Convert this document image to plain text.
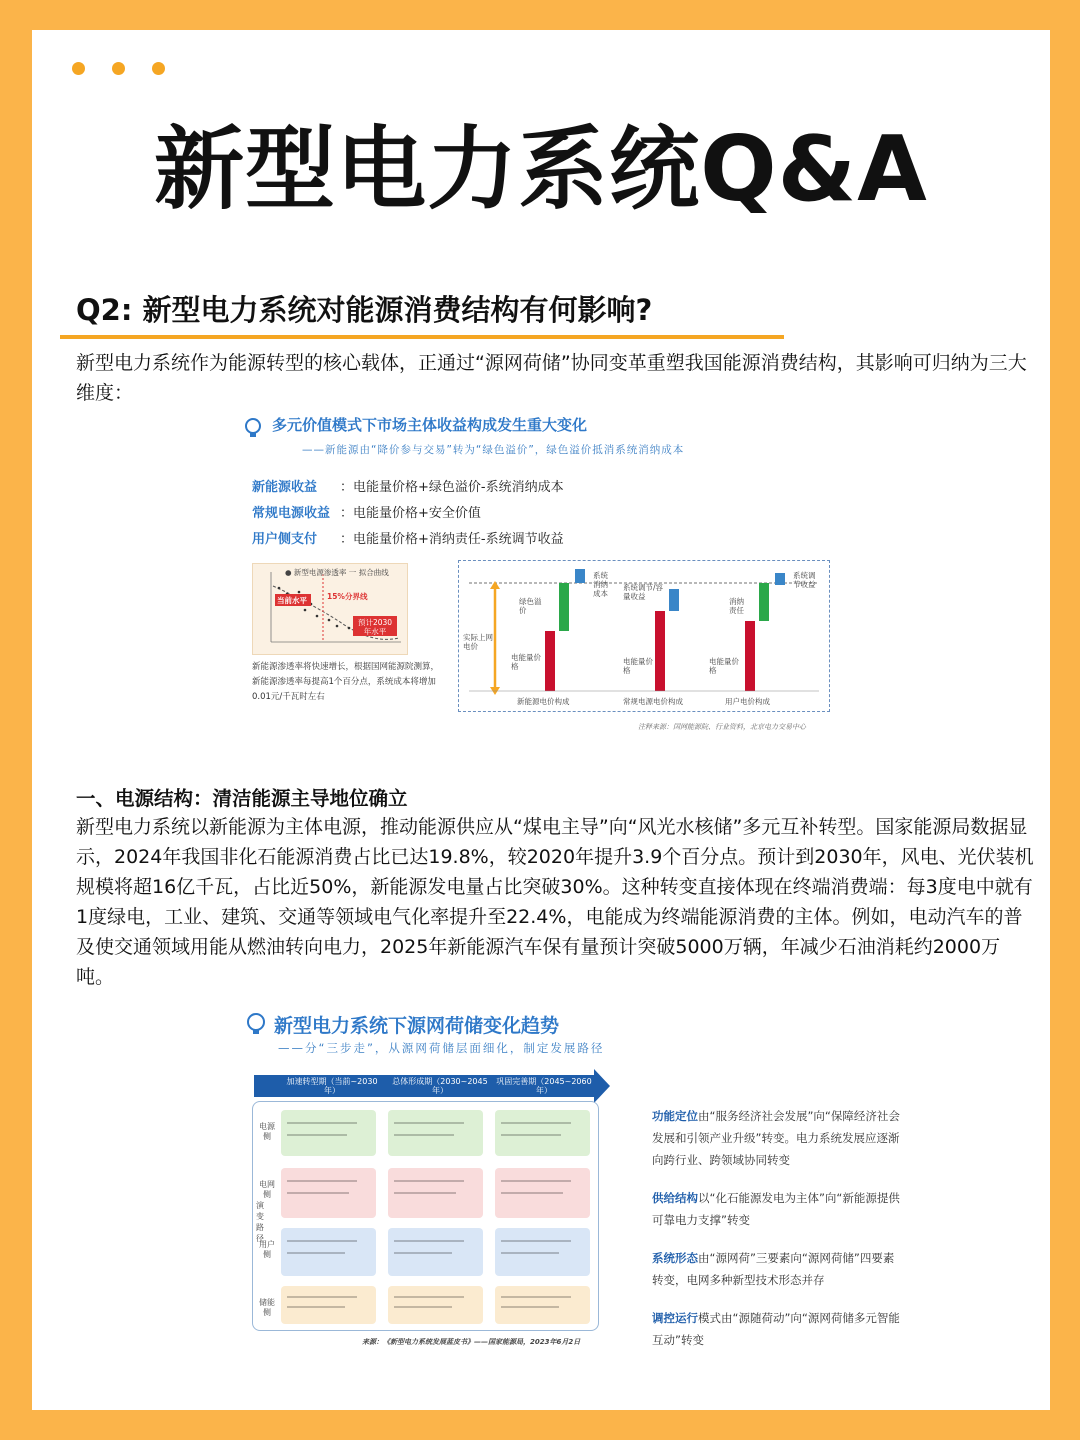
新型电力系统Q&A
Q2: 新型电力系统对能源消费结构有何影响?
新型电力系统作为能源转型的核心载体，正通过“源网荷储”协同变革重塑我国能源消费结构，其影响可归纳为三大维度：
多元价值模式下市场主体收益构成发生重大变化
——新能源由“降价参与交易”转为“绿色溢价”，绿色溢价抵消系统消纳成本
新能源收益 ：电能量价格+绿色溢价-系统消纳成本
常规电源收益 ：电能量价格+安全价值
用户侧支付 ：电能量价格+消纳责任-系统调节收益
● 新型电源渗透率 一 拟合曲线
当前水平	15%分界线
预计2030年水平
新能源渗透率将快速增长，根据国网能源院测算，新能源渗透率每提高1个百分点，系统成本将增加0.01元/千瓦时左右
实际上网电价
绿色溢价
电能量价格
系统消纳成本
电能量价格
系统调节/容量收益
消纳责任
电能量价格
系统调节收益
新能源电价构成	常规电源电价构成	用户电价构成
注释来源：国网能源院、行业资料，北京电力交易中心
一、电源结构：清洁能源主导地位确立
新型电力系统以新能源为主体电源，推动能源供应从“煤电主导”向“风光水核储”多元互补转型。国家能源局数据显示，2024年我国非化石能源消费占比已达19.8%，较2020年提升3.9个百分点。预计到2030年，风电、光伏装机规模将超16亿千瓦，占比近50%，新能源发电量占比突破30%。这种转变直接体现在终端消费端：每3度电中就有1度绿电，工业、建筑、交通等领域电气化率提升至22.4%，电能成为终端能源消费的主体。例如，电动汽车的普及使交通领域用能从燃油转向电力，2025年新能源汽车保有量预计突破5000万辆，年减少石油消耗约2000万吨。
新型电力系统下源网荷储变化趋势
——分“三步走”，从源网荷储层面细化，制定发展路径
加速转型期（当前~2030年）
总体形成期（2030~2045年）
巩固完善期（2045~2060年）
演变路径
电源侧
电网侧
用户侧
储能侧
功能定位由“服务经济社会发展”向“保障经济社会发展和引领产业升级”转变。电力系统发展应逐渐向跨行业、跨领域协同转变
供给结构以“化石能源发电为主体”向“新能源提供可靠电力支撑”转变
系统形态由“源网荷”三要素向“源网荷储”四要素转变，电网多种新型技术形态并存
调控运行模式由“源随荷动”向“源网荷储多元智能互动”转变
来源：《新型电力系统发展蓝皮书》——国家能源局，2023年6月2日
